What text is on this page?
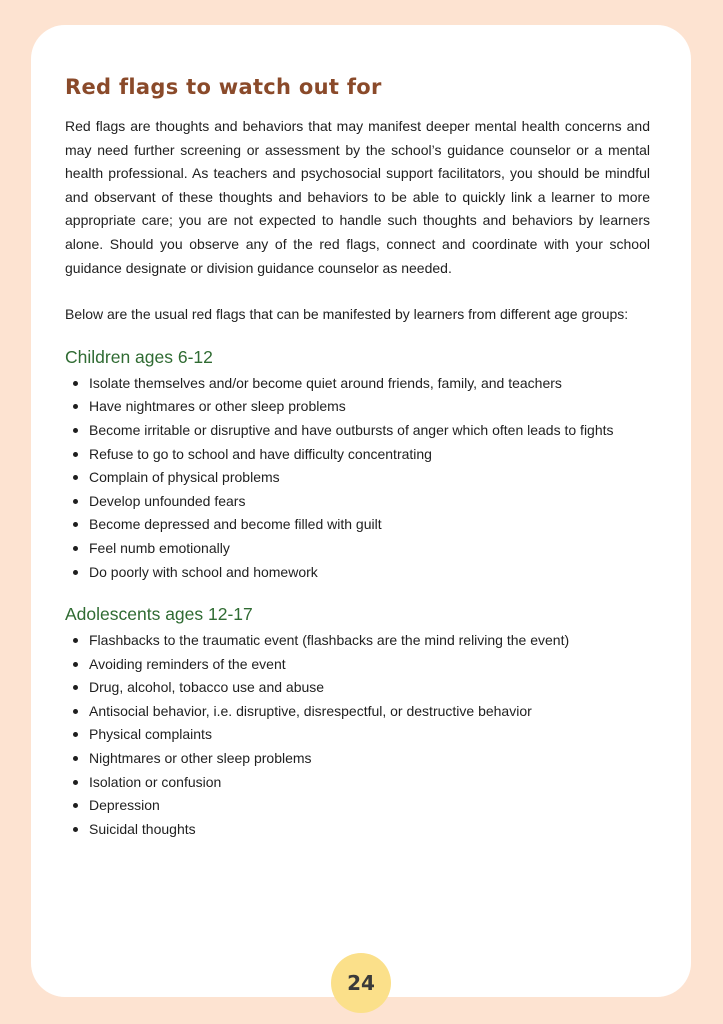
Red flags to watch out for

Red flags are thoughts and behaviors that may manifest deeper mental health concerns and may need further screening or assessment by the school’s guidance counselor or a mental health professional. As teachers and psychosocial support facilitators, you should be mindful and observant of these thoughts and behaviors to be able to quickly link a learner to more appropriate care; you are not expected to handle such thoughts and behaviors by learners alone. Should you observe any of the red flags, connect and coordinate with your school guidance designate or division guidance counselor as needed.

Below are the usual red flags that can be manifested by learners from different age groups:

Children ages 6-12
Isolate themselves and/or become quiet around friends, family, and teachers
Have nightmares or other sleep problems
Become irritable or disruptive and have outbursts of anger which often leads to fights
Refuse to go to school and have difficulty concentrating
Complain of physical problems
Develop unfounded fears
Become depressed and become filled with guilt
Feel numb emotionally
Do poorly with school and homework
Adolescents ages 12-17
Flashbacks to the traumatic event (flashbacks are the mind reliving the event)
Avoiding reminders of the event
Drug, alcohol, tobacco use and abuse
Antisocial behavior, i.e. disruptive, disrespectful, or destructive behavior
Physical complaints
Nightmares or other sleep problems
Isolation or confusion
Depression
Suicidal thoughts
24
